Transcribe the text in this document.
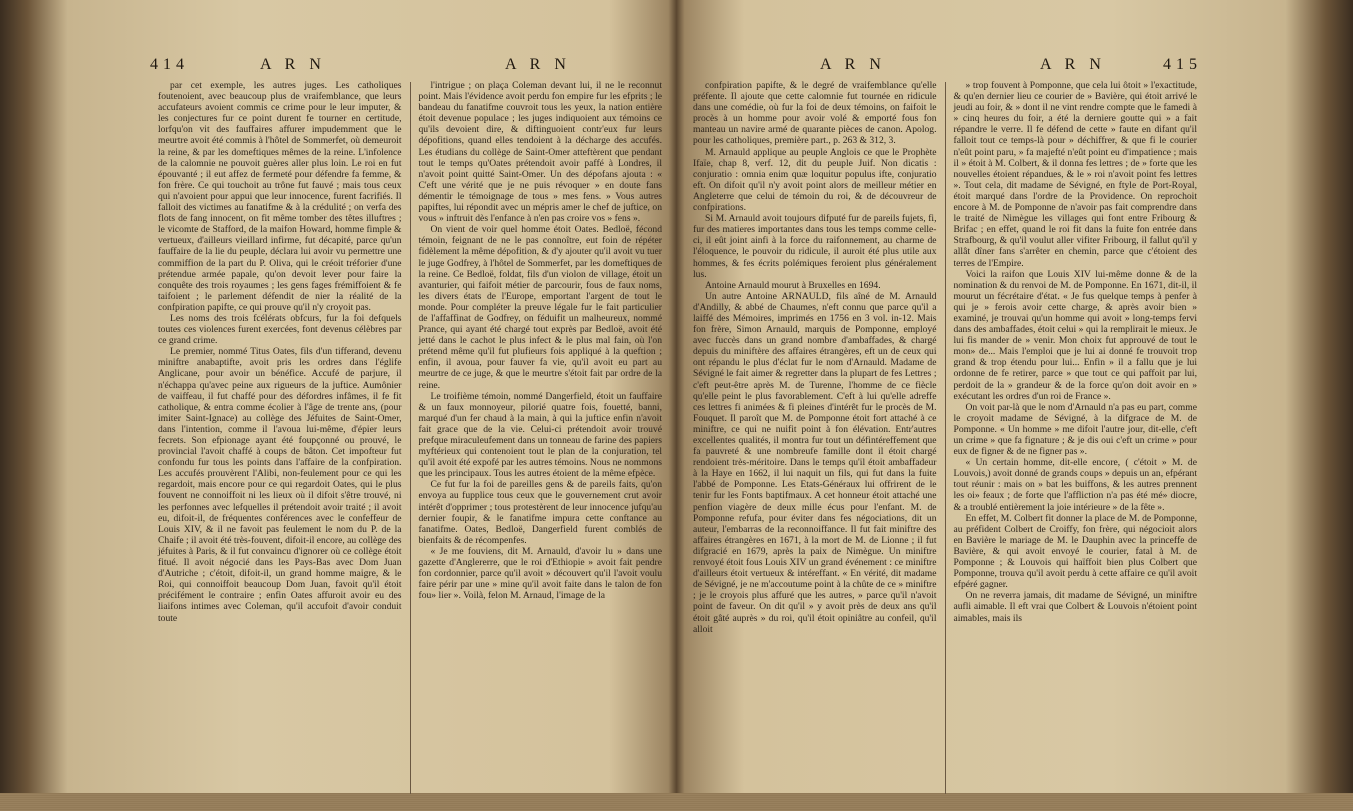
414	A R N	A R N

par cet exemple, les autres juges. Les catholiques foutenoient, avec beaucoup plus de vraifemblance, que leurs accufateurs avoient commis ce crime pour le leur imputer, & les conjectures fur ce point durent fe tourner en certitude, lorfqu'on vit des fauffaires affurer impudemment que le meurtre avoit été commis à l'hôtel de Sommerfet, où demeuroit la reine, & par les domeftiques mêmes de la reine. L'infolence de la calomnie ne pouvoit guères aller plus loin. Le roi en fut épouvanté ; il eut affez de fermeté pour défendre fa femme, & fon frère. Ce qui touchoit au trône fut fauvé ; mais tous ceux qui n'avoient pour appui que leur innocence, furent facrifiés. Il falloit des victimes au fanatifme & à la crédulité ; on verfa des flots de fang innocent, on fit même tomber des têtes illuftres ; le vicomte de Stafford, de la maifon Howard, homme fimple & vertueux, d'ailleurs vieillard infirme, fut décapité, parce qu'un fauffaire de la lie du peuple, déclara lui avoir vu permettre une commiffion de la part du P. Oliva, qui le créoit tréforier d'une prétendue armée papale, qu'on devoit lever pour faire la conquête des trois royaumes ; les gens fages frémiffoient & fe taifoient ; le parlement défendit de nier la réalité de la confpiration papifte, ce qui prouve qu'il n'y croyoit pas.

Les noms des trois fcélérats obfcurs, fur la foi defquels toutes ces violences furent exercées, font devenus célèbres par ce grand crime.

Le premier, nommé Titus Oates, fils d'un tifferand, devenu miniftre anabaptifte, avoit pris les ordres dans l'églife Anglicane, pour avoir un bénéfice. Accufé de parjure, il n'échappa qu'avec peine aux rigueurs de la juftice. Aumônier de vaiffeau, il fut chaffé pour des défordres infâmes, il fe fit catholique, & entra comme écolier à l'âge de trente ans, (pour imiter Saint-Ignace) au collège des Jéfuites de Saint-Omer, dans l'intention, comme il l'avoua lui-même, d'épier leurs fecrets. Son efpionage ayant été foupçonné ou prouvé, le provincial l'avoit chaffé à coups de bâton. Cet impofteur fut confondu fur tous les points dans l'affaire de la confpiration. Les accufés prouvèrent l'Alibi, non-feulement pour ce qui les regardoit, mais encore pour ce qui regardoit Oates, qui le plus fouvent ne connoiffoit ni les lieux où il difoit s'être trouvé, ni les perfonnes avec lefquelles il prétendoit avoir traité ; il avoit eu, difoit-il, de fréquentes conférences avec le confeffeur de Louis XIV, & il ne favoit pas feulement le nom du P. de la Chaife ; il avoit été très-fouvent, difoit-il encore, au collège des jéfuites à Paris, & il fut convaincu d'ignorer où ce collège étoit fitué. Il avoit négocié dans les Pays-Bas avec Dom Juan d'Autriche ; c'étoit, difoit-il, un grand homme maigre, & le Roi, qui connoiffoit beaucoup Dom Juan, favoit qu'il étoit précifément le contraire ; enfin Oates affuroit avoir eu des liaifons intimes avec Coleman, qu'il accufoit d'avoir conduit toute

l'intrigue ; on plaça Coleman devant lui, il ne le reconnut point. Mais l'évidence avoit perdu fon empire fur les efprits ; le bandeau du fanatifme couvroit tous les yeux, la nation entière étoit devenue populace ; les juges indiquoient aux témoins ce qu'ils devoient dire, & diftinguoient contr'eux fur leurs dépofitions, quand elles tendoient à la décharge des accufés. Les étudians du collège de Saint-Omer atteftèrent que pendant tout le temps qu'Oates prétendoit avoir paffé à Londres, il n'avoit point quitté Saint-Omer. Un des dépofans ajouta : « C'eft une vérité que je ne puis révoquer » en doute fans démentir le témoignage de tous » mes fens. » Vous autres papiftes, lui répondit avec un mépris amer le chef de juftice, on vous » inftruit dès l'enfance à n'en pas croire vos » fens ».

On vient de voir quel homme étoit Oates. Bedloë, fécond témoin, feignant de ne le pas connoître, eut foin de répéter fidèlement la même dépofition, & d'y ajouter qu'il avoit vu tuer le juge Godfrey, à l'hôtel de Sommerfet, par les domeftiques de la reine. Ce Bedloë, foldat, fils d'un violon de village, étoit un avanturier, qui faifoit métier de parcourir, fous de faux noms, les divers états de l'Europe, emportant l'argent de tout le monde. Pour compléter la preuve légale fur le fait particulier de l'affaffinat de Godfrey, on féduifit un malheureux, nommé Prance, qui ayant été chargé tout exprès par Bedloë, avoit été jetté dans le cachot le plus infect & le plus mal fain, où l'on prétend même qu'il fut plufieurs fois appliqué à la queftion ; enfin, il avoua, pour fauver fa vie, qu'il avoit eu part au meurtre de ce juge, & que le meurtre s'étoit fait par ordre de la reine.

Le troifième témoin, nommé Dangerfield, étoit un fauffaire & un faux monnoyeur, pilorié quatre fois, fouetté, banni, marqué d'un fer chaud à la main, à qui la juftice enfin n'avoit fait grace que de la vie. Celui-ci prétendoit avoir trouvé prefque miraculeufement dans un tonneau de farine des papiers myftérieux qui contenoient tout le plan de la conjuration, tel qu'il avoit été expofé par les autres témoins. Nous ne nommons que les principaux. Tous les autres étoient de la même efpèce.

Ce fut fur la foi de pareilles gens & de pareils faits, qu'on envoya au fupplice tous ceux que le gouvernement crut avoir intérêt d'opprimer ; tous protestèrent de leur innocence jufqu'au dernier foupir, & le fanatifme impura cette conftance au fanatifme. Oates, Bedloë, Dangerfield furent comblés de bienfaits & de récompenfes.

« Je me fouviens, dit M. Arnauld, d'avoir lu » dans une gazette d'Anglererre, que le roi d'Ethiopie » avoit fait pendre fon cordonnier, parce qu'il avoit » découvert qu'il l'avoit voulu faire périr par une » mine qu'il avoit faite dans le talon de fon fou» lier ». Voilà, felon M. Arnaud, l'image de la

A R N	A R N	415

confpiration papifte, & le degré de vraifemblance qu'elle préfente. Il ajoute que cette calomnie fut tournée en ridicule dans une comédie, où fur la foi de deux témoins, on faifoit le procès à un homme pour avoir volé & emporté fous fon manteau un navire armé de quarante pièces de canon. Apolog. pour les catholiques, première part., p. 263 & 312, 3.

M. Arnauld applique au peuple Anglois ce que le Prophète Ifaïe, chap 8, verf. 12, dit du peuple Juif. Non dicatis : conjuratio : omnia enim quæ loquitur populus ifte, conjuratio eft. On difoit qu'il n'y avoit point alors de meilleur métier en Angleterre que celui de témoin du roi, & de découvreur de confpirations.

Si M. Arnauld avoit toujours difputé fur de pareils fujets, fi, fur des matieres importantes dans tous les temps comme celle-ci, il eût joint ainfi à la force du raifonnement, au charme de l'éloquence, le pouvoir du ridicule, il auroit été plus utile aux hommes, & fes écrits polémiques feroient plus généralement lus.

Antoine Arnauld mourut à Bruxelles en 1694.

Un autre Antoine ARNAULD, fils aîné de M. Arnauld d'Andilly, & abbé de Chaumes, n'eft connu que parce qu'il a laiffé des Mémoires, imprimés en 1756 en 3 vol. in-12. Mais fon frère, Simon Arnauld, marquis de Pomponne, employé avec fuccès dans un grand nombre d'ambaffades, & chargé depuis du miniftère des affaires étrangères, eft un de ceux qui ont répandu le plus d'éclat fur le nom d'Arnauld. Madame de Sévigné le fait aimer & regretter dans la plupart de fes Lettres ; c'eft peut-être après M. de Turenne, l'homme de ce fiècle qu'elle peint le plus favorablement. C'eft à lui qu'elle adreffe ces lettres fi animées & fi pleines d'intérêt fur le procès de M. Fouquet. Il paroît que M. de Pomponne étoit fort attaché à ce miniftre, ce qui ne nuifit point à fon élévation. Entr'autres excellentes qualités, il montra fur tout un défintéreffement que fa pauvreté & une nombreufe famille dont il étoit chargé rendoient très-méritoire. Dans le temps qu'il étoit ambaffadeur à la Haye en 1662, il lui naquit un fils, qui fut dans la fuite l'abbé de Pomponne. Les Etats-Généraux lui offrirent de le tenir fur les Fonts baptifmaux. A cet honneur étoit attaché une penfion viagère de deux mille écus pour l'enfant. M. de Pomponne refufa, pour éviter dans fes négociations, dit un auteur, l'embarras de la reconnoiffance. Il fut fait miniftre des affaires étrangères en 1671, à la mort de M. de Lionne ; il fut difgracié en 1679, après la paix de Nimègue. Un miniftre renvoyé étoit fous Louis XIV un grand événement : ce miniftre d'ailleurs étoit vertueux & intéreffant. « En vérité, dit madame de Sévigné, je ne m'accoutume point à la chûte de ce » miniftre ; je le croyois plus affuré que les autres, » parce qu'il n'avoit point de faveur. On dit qu'il » y avoit près de deux ans qu'il étoit gâté auprès » du roi, qu'il étoit opiniâtre au confeil, qu'il alloit

» trop fouvent à Pomponne, que cela lui ôtoit » l'exactitude, & qu'en dernier lieu ce courier de » Bavière, qui étoit arrivé le jeudi au foir, & » dont il ne vint rendre compte que le famedi à » cinq heures du foir, a été la derniere goutte qui » a fait répandre le verre. Il fe défend de cette » faute en difant qu'il falloit tout ce temps-là pour » déchiffrer, & que fi le courier n'eût point paru, » fa majefté n'eût point eu d'impatience ; mais il » étoit à M. Colbert, & il donna fes lettres ; de » forte que les nouvelles étoient répandues, & le » roi n'avoit point fes lettres ». Tout cela, dit madame de Sévigné, en ftyle de Port-Royal, étoit marqué dans l'ordre de la Providence. On reprochoit encore à M. de Pomponne de n'avoir pas fait comprendre dans le traité de Nimègue les villages qui font entre Fribourg & Brifac ; en effet, quand le roi fit dans la fuite fon entrée dans Strafbourg, & qu'il voulut aller vifiter Fribourg, il fallut qu'il y allât dîner fans s'arrêter en chemin, parce que c'étoient des terres de l'Empire.

Voici la raifon que Louis XIV lui-même donne & de la nomination & du renvoi de M. de Pomponne. En 1671, dit-il, il mourut un fécrétaire d'état. « Je fus quelque temps à penfer à qui je » ferois avoir cette charge, & après avoir bien » examiné, je trouvai qu'un homme qui avoit » long-temps fervi dans des ambaffades, étoit celui » qui la remplirait le mieux. Je lui fis mander de » venir. Mon choix fut approuvé de tout le mon» de... Mais l'emploi que je lui ai donné fe trouvoit trop grand & trop étendu pour lui... Enfin » il a fallu que je lui ordonne de fe retirer, parce » que tout ce qui paffoit par lui, perdoit de la » grandeur & de la force qu'on doit avoir en » exécutant les ordres d'un roi de France ».

On voit par-là que le nom d'Arnauld n'a pas eu part, comme le croyoit madame de Sévigné, à la difgrace de M. de Pomponne. « Un homme » me difoit l'autre jour, dit-elle, c'eft un crime » que fa fignature ; & je dis oui c'eft un crime » pour eux de figner & de ne figner pas ».

« Un certain homme, dit-elle encore, ( c'étoit » M. de Louvois,) avoit donné de grands coups » depuis un an, efpérant tout réunir : mais on » bat les buiffons, & les autres prennent les oi» feaux ; de forte que l'affliction n'a pas été mé» diocre, & a troublé entièrement la joie intérieure » de la fête ».

En effet, M. Colbert fit donner la place de M. de Pomponne, au préfident Colbert de Croiffy, fon frère, qui négocioit alors en Bavière le mariage de M. le Dauphin avec la princeffe de Bavière, & qui avoit envoyé le courier, fatal à M. de Pomponne ; & Louvois qui haïffoit bien plus Colbert que Pomponne, trouva qu'il avoit perdu à cette affaire ce qu'il avoit efpéré gagner.

On ne reverra jamais, dit madame de Sévigné, un miniftre aufli aimable. Il eft vrai que Colbert & Louvois n'étoient point aimables, mais ils
